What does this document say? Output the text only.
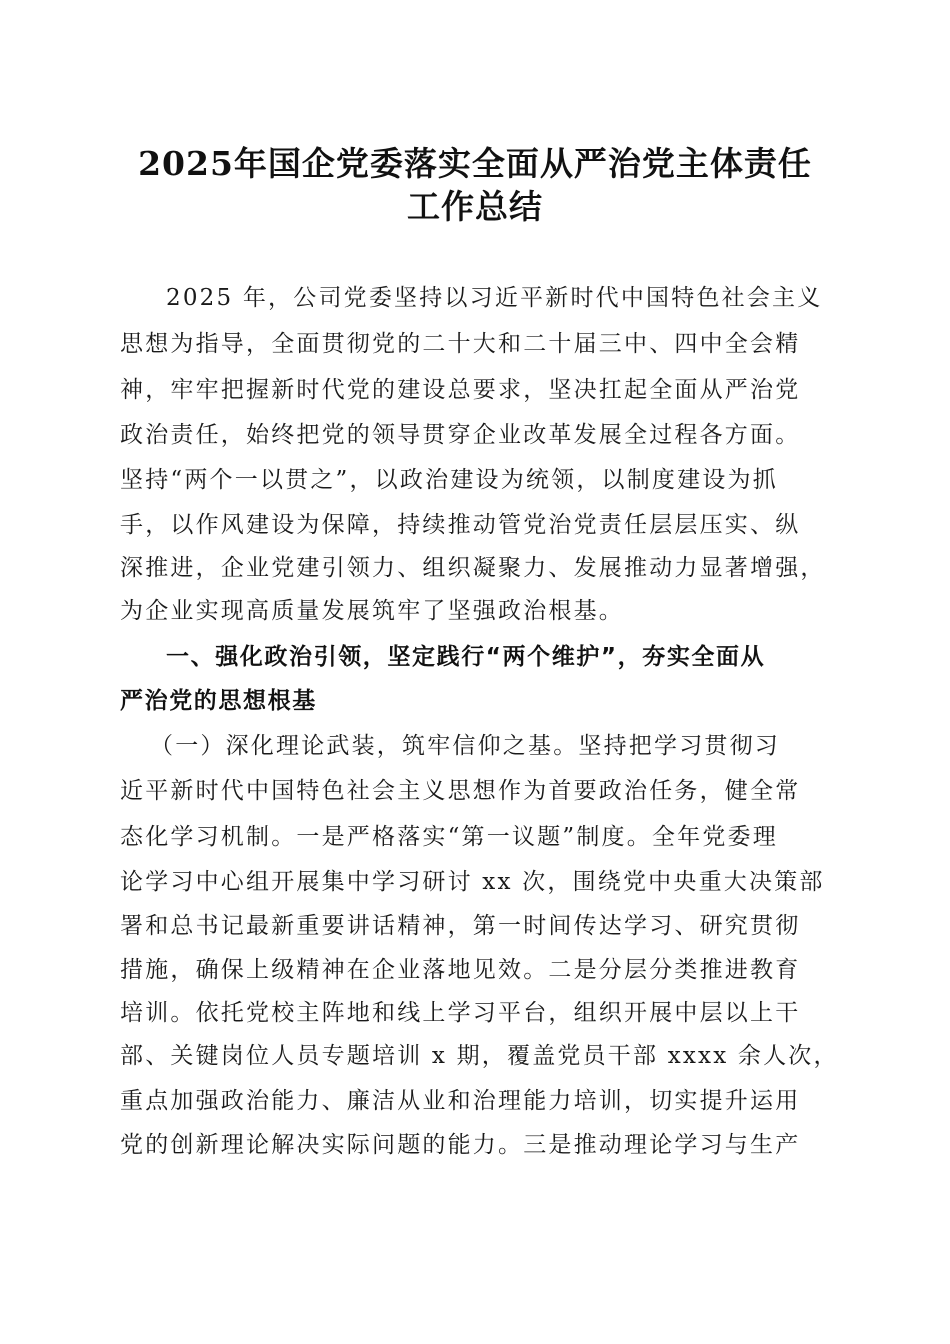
2025年国企党委落实全面从严治党主体责任
工作总结
2025 年，公司党委坚持以习近平新时代中国特色社会主义
思想为指导，全面贯彻党的二十大和二十届三中、四中全会精
神，牢牢把握新时代党的建设总要求，坚决扛起全面从严治党
政治责任，始终把党的领导贯穿企业改革发展全过程各方面。
坚持“两个一以贯之”，以政治建设为统领，以制度建设为抓
手，以作风建设为保障，持续推动管党治党责任层层压实、纵
深推进，企业党建引领力、组织凝聚力、发展推动力显著增强，
为企业实现高质量发展筑牢了坚强政治根基。
一、强化政治引领，坚定践行“两个维护”，夯实全面从
严治党的思想根基
（一）深化理论武装，筑牢信仰之基。坚持把学习贯彻习
近平新时代中国特色社会主义思想作为首要政治任务，健全常
态化学习机制。一是严格落实“第一议题”制度。全年党委理
论学习中心组开展集中学习研讨 xx 次，围绕党中央重大决策部
署和总书记最新重要讲话精神，第一时间传达学习、研究贯彻
措施，确保上级精神在企业落地见效。二是分层分类推进教育
培训。依托党校主阵地和线上学习平台，组织开展中层以上干
部、关键岗位人员专题培训 x 期，覆盖党员干部 xxxx 余人次，
重点加强政治能力、廉洁从业和治理能力培训，切实提升运用
党的创新理论解决实际问题的能力。三是推动理论学习与生产
